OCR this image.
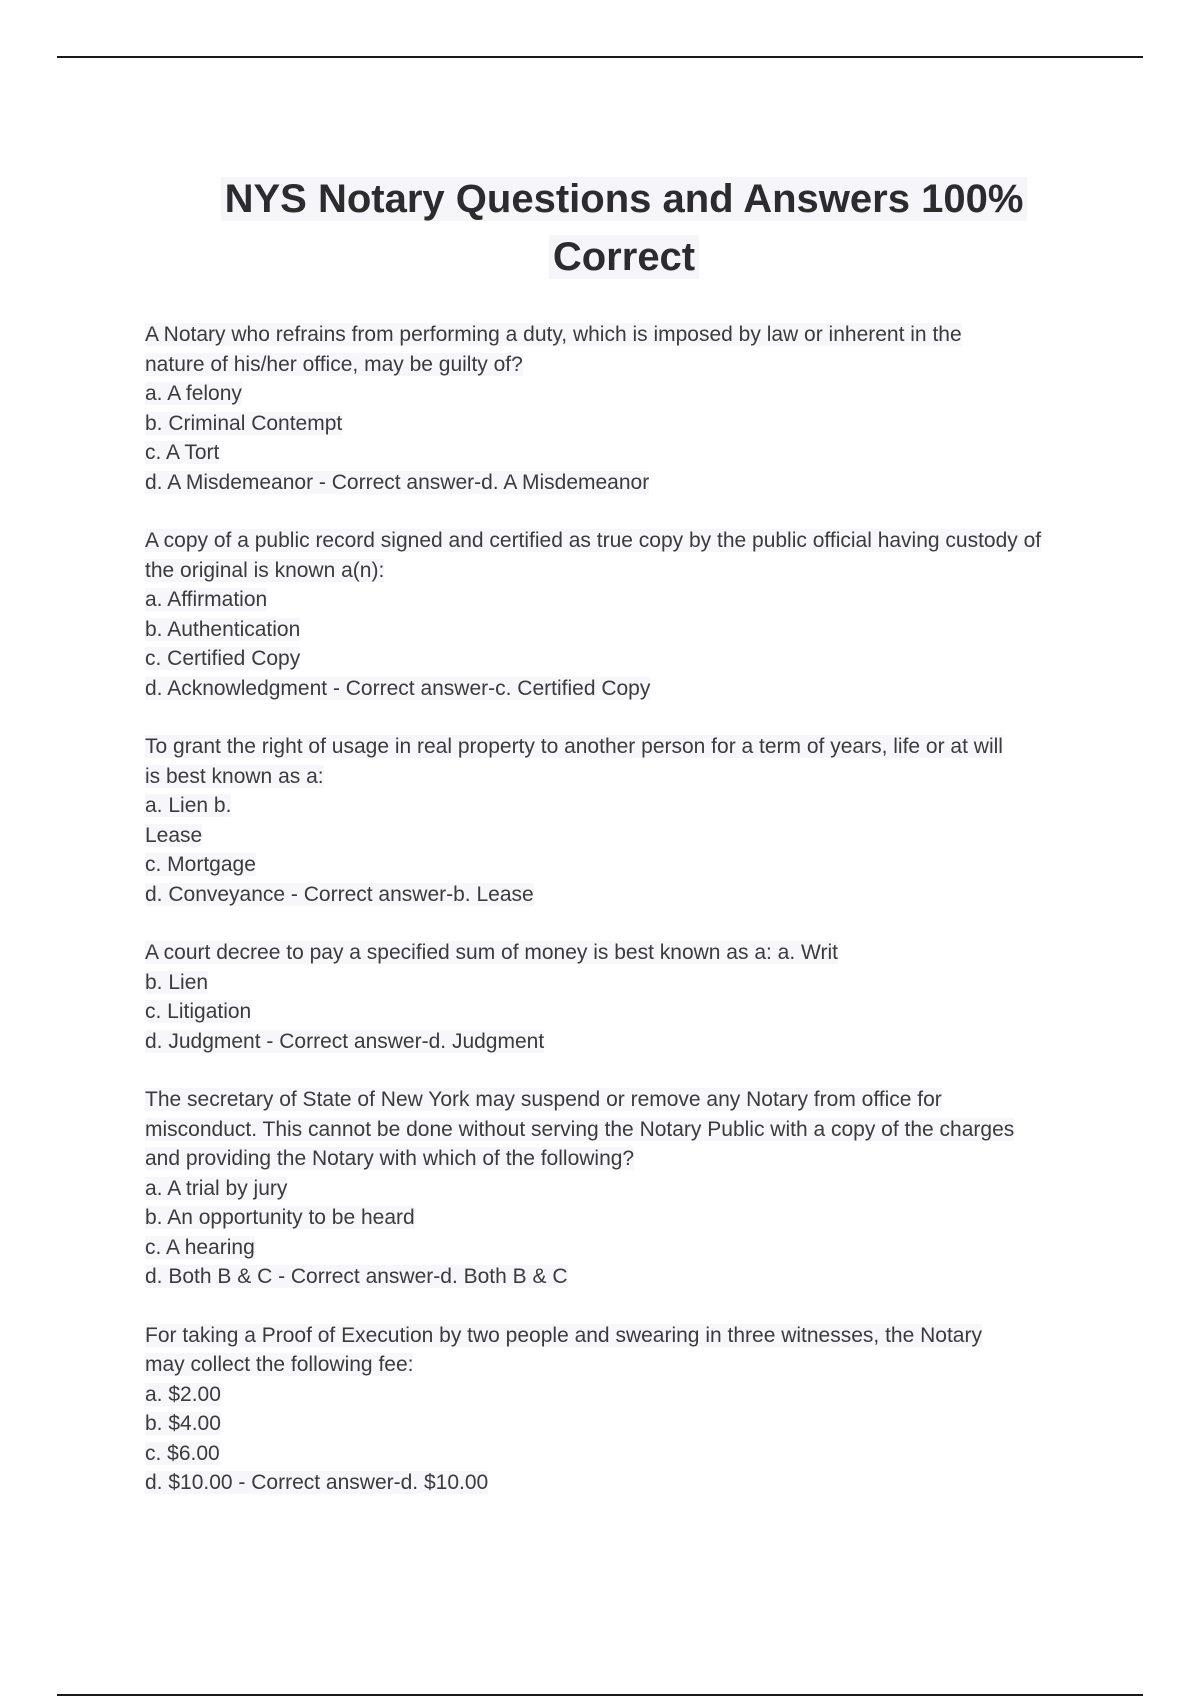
NYS Notary Questions and Answers 100%
Correct
A Notary who refrains from performing a duty, which is imposed by law or inherent in the
nature of his/her office, may be guilty of?
a. A felony
b. Criminal Contempt
c. A Tort
d. A Misdemeanor - Correct answer-d. A Misdemeanor
A copy of a public record signed and certified as true copy by the public official having custody of
the original is known a(n):
a. Affirmation
b. Authentication
c. Certified Copy
d. Acknowledgment - Correct answer-c. Certified Copy
To grant the right of usage in real property to another person for a term of years, life or at will
is best known as a:
a. Lien b.
Lease
c. Mortgage
d. Conveyance - Correct answer-b. Lease
A court decree to pay a specified sum of money is best known as a: a. Writ
b. Lien
c. Litigation
d. Judgment - Correct answer-d. Judgment
The secretary of State of New York may suspend or remove any Notary from office for
misconduct. This cannot be done without serving the Notary Public with a copy of the charges
and providing the Notary with which of the following?
a. A trial by jury
b. An opportunity to be heard
c. A hearing
d. Both B & C - Correct answer-d. Both B & C
For taking a Proof of Execution by two people and swearing in three witnesses, the Notary
may collect the following fee:
a. $2.00
b. $4.00
c. $6.00
d. $10.00 - Correct answer-d. $10.00
